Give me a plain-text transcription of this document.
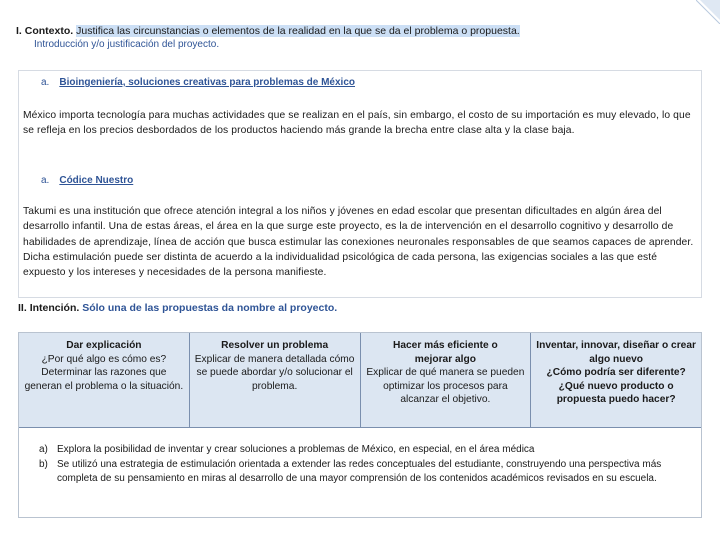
I. Contexto. Justifica las circunstancias o elementos de la realidad en la que se da el problema o propuesta.
Introducción y/o justificación del proyecto.
a. Bioingeniería, soluciones creativas para problemas de México
México importa tecnología para muchas actividades que se realizan en el país, sin embargo, el costo de su importación es muy elevado, lo que se refleja en los precios desbordados de los productos haciendo más grande la brecha entre clase alta y la clase baja.
a. Códice Nuestro
Takumi es una institución que ofrece atención integral a los niños y jóvenes en edad escolar que presentan dificultades en algún área del desarrollo infantil. Una de estas áreas, el área en la que surge este proyecto, es la de intervención en el desarrollo cognitivo y desarrollo de habilidades de aprendizaje, línea de acción que busca estimular las conexiones neuronales responsables de que seamos capaces de aprender. Dicha estimulación puede ser distinta de acuerdo a la individualidad psicológica de cada persona, las exigencias sociales a las que esté expuesto y los intereses y necesidades de la persona manifieste.
II. Intención. Sólo una de las propuestas da nombre al proyecto.
Dar explicación
¿Por qué algo es cómo es? Determinar las razones que generan el problema o la situación.
Resolver un problema
Explicar de manera detallada cómo se puede abordar y/o solucionar el problema.
Hacer más eficiente o
mejorar algo
Explicar de qué manera se pueden optimizar los procesos para alcanzar el objetivo.
Inventar, innovar, diseñar o crear
algo nuevo
¿Cómo podría ser diferente? ¿Qué nuevo producto o propuesta puedo hacer?
a) Explora la posibilidad de inventar y crear soluciones a problemas de México, en especial, en el área médica
b) Se utilizó una estrategia de estimulación orientada a extender las redes conceptuales del estudiante, construyendo una perspectiva más completa de su pensamiento en miras al desarrollo de una mayor comprensión de los contenidos académicos revisados en su escuela.
